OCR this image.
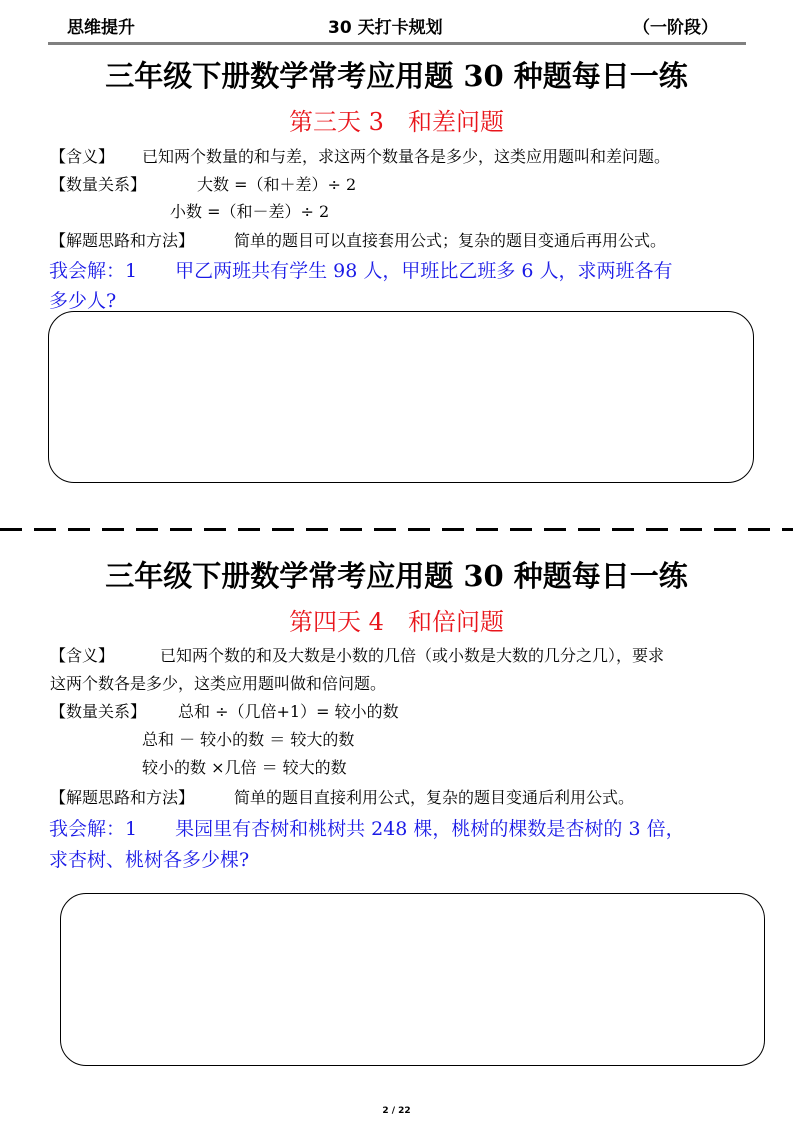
思维提升	30 天打卡规划	（一阶段）
三年级下册数学常考应用题 30 种题每日一练
第三天 3　和差问题
【含义】 已知两个数量的和与差，求这两个数量各是多少，这类应用题叫和差问题。
【数量关系】	大数 =（和＋差）÷ 2
小数 =（和－差）÷ 2
【解题思路和方法】 简单的题目可以直接套用公式；复杂的题目变通后再用公式。
我会解：1　　甲乙两班共有学生 98 人，甲班比乙班多 6 人，求两班各有
多少人?
三年级下册数学常考应用题 30 种题每日一练
第四天 4　和倍问题
【含义】	已知两个数的和及大数是小数的几倍（或小数是大数的几分之几），要求
这两个数各是多少，这类应用题叫做和倍问题。
【数量关系】 总和 ÷（几倍+1）= 较小的数
总和 － 较小的数 ＝ 较大的数
较小的数 ×几倍 ＝ 较大的数
【解题思路和方法】 简单的题目直接利用公式，复杂的题目变通后利用公式。
我会解：1　　果园里有杏树和桃树共 248 棵，桃树的棵数是杏树的 3 倍，
求杏树、桃树各多少棵?
2 / 22
